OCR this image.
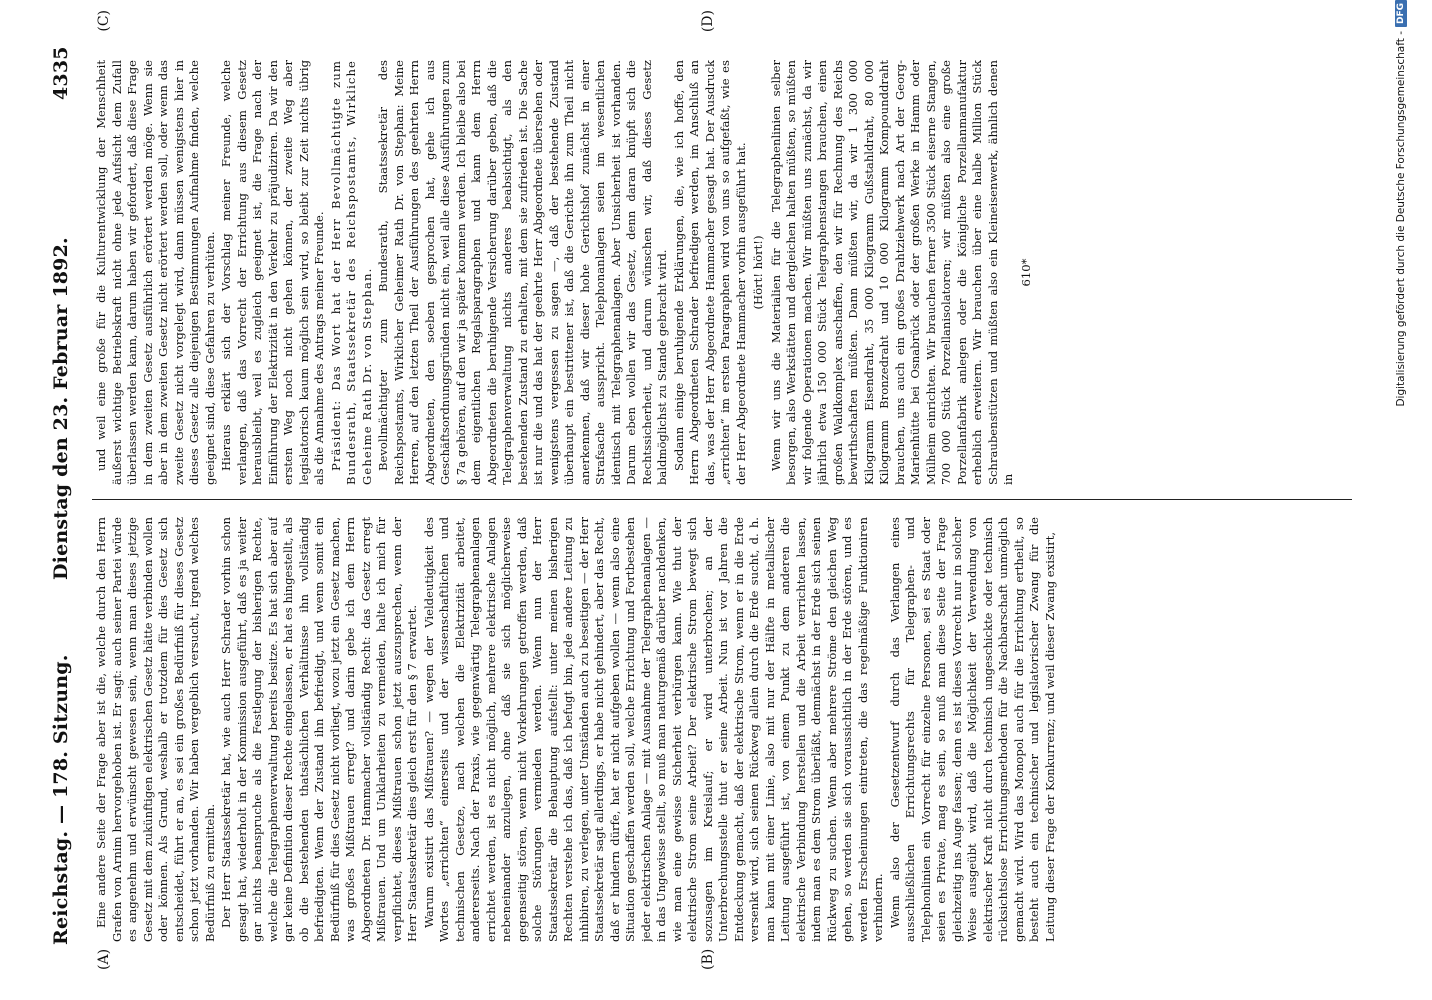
Reichstag. — 178. Sitzung.
Dienstag den 23. Februar 1892.
4335
(A)	(B)
(C)	(D)

Eine andere Seite der Frage aber ist die, welche durch den Herrn Grafen von Arnim hervorgehoben ist. Er sagt: auch seiner Partei würde es angenehm und erwünscht gewesen sein, wenn man dieses jetzige Gesetz mit dem zukünftigen elektrischen Gesetz hätte verbinden wollen oder können. Als Grund, weshalb er trotzdem für dies Gesetz sich entscheidet, führt er an, es sei ein großes Bedürfniß für dieses Gesetz schon jetzt vorhanden. Wir haben vergeblich versucht, irgend welches Bedürfniß zu ermitteln. Der Herr Staatssekretär hat, wie auch Herr Schrader vorhin schon gesagt hat, wiederholt in der Kommission ausgeführt, daß es ja weiter gar nichts beanspruche als die Festlegung der bisherigen Rechte, welche die Telegraphenverwaltung bereits besitze. Es hat sich aber auf gar keine Definition dieser Rechte eingelassen, er hat es hingestellt, als ob die bestehenden thatsächlichen Verhältnisse ihn vollständig befriedigten. Wenn der Zustand ihn befriedigt, und wenn somit ein Bedürfniß für dies Gesetz nicht vorliegt, wozu jetzt ein Gesetz machen, was großes Mißtrauen erregt? und darin gebe ich dem Herrn Abgeordneten Dr. Hammacher vollständig Recht: das Gesetz erregt Mißtrauen. Und um Unklarheiten zu vermeiden, halte ich mich für verpflichtet, dieses Mißtrauen schon jetzt auszusprechen, wenn der Herr Staatssekretär dies gleich erst für den § 7 erwartet. Warum existirt das Mißtrauen? — wegen der Vieldeutigkeit des Wortes „errichten“ einerseits und der wissenschaftlichen und technischen Gesetze, nach welchen die Elektrizität arbeitet, andererseits. Nach der Praxis, wie gegenwärtig Telegraphenanlagen errichtet werden, ist es nicht möglich, mehrere elektrische Anlagen nebeneinander anzulegen, ohne daß sie sich möglicherweise gegenseitig stören, wenn nicht Vorkehrungen getroffen werden, daß solche Störungen vermieden werden. Wenn nun der Herr Staatssekretär die Behauptung aufstellt: unter meinen bisherigen Rechten verstehe ich das, daß ich befugt bin, jede andere Leitung zu inhibiren, zu verlegen, unter Umständen auch zu beseitigen — der Herr Staatssekretär sagt allerdings, er habe nicht gehindert, aber das Recht, daß er hindern dürfe, hat er nicht aufgeben wollen — wenn also eine Situation geschaffen werden soll, welche Errichtung und Fortbestehen jeder elektrischen Anlage — mit Ausnahme der Telegraphenanlagen — in das Ungewisse stellt, so muß man naturgemäß darüber nachdenken, wie man eine gewisse Sicherheit verbürgen kann. Wie thut der elektrische Strom seine Arbeit? Der elektrische Strom bewegt sich sozusagen im Kreislauf; er wird unterbrochen; an der Unterbrechungsstelle thut er seine Arbeit. Nun ist vor Jahren die Entdeckung gemacht, daß der elektrische Strom, wenn er in die Erde versenkt wird, sich seinen Rückweg allein durch die Erde sucht, d. h. man kann mit einer Linie, also mit nur der Hälfte in metallischer Leitung ausgeführt ist, von einem Punkt zu dem anderen die elektrische Verbindung herstellen und die Arbeit verrichten lassen, indem man es dem Strom überläßt, demnächst in der Erde sich seinen Rückweg zu suchen. Wenn aber mehrere Ströme den gleichen Weg gehen, so werden sie sich voraussichtlich in der Erde stören, und es werden Erscheinungen eintreten, die das regelmäßige Funktioniren verhindern. Wenn also der Gesetzentwurf durch das Verlangen eines ausschließlichen Errichtungsrechts für Telegraphen- und Telephonlinien ein Vorrecht für einzelne Personen, sei es Staat oder seien es Private, mag es sein, so muß man diese Seite der Frage gleichzeitig ins Auge fassen; denn es ist dieses Vorrecht nur in solcher Weise ausgeübt wird, daß die Möglichkeit der Verwendung von elektrischer Kraft nicht durch technisch ungeschickte oder technisch rücksichtslose Errichtungsmethoden für die Nachbarschaft unmöglich gemacht wird. Wird das Monopol auch für die Errichtung ertheilt, so besteht auch ein technischer und legislatorischer Zwang für die Leitung dieser Frage der Konkurrenz; und weil dieser Zwang existirt,

und weil eine große für die Kulturentwicklung der Menschheit äußerst wichtige Betriebskraft nicht ohne jede Aufsicht dem Zufall überlassen werden kann, darum haben wir gefordert, daß diese Frage in dem zweiten Gesetz ausführlich erörtert werden möge. Wenn sie aber in dem zweiten Gesetz nicht erörtert werden soll, oder wenn das zweite Gesetz nicht vorgelegt wird, dann müssen wenigstens hier in dieses Gesetz alle diejenigen Bestimmungen Aufnahme finden, welche geeignet sind, diese Gefahren zu verhüten. Hieraus erklärt sich der Vorschlag meiner Freunde, welche verlangen, daß das Vorrecht der Errichtung aus diesem Gesetz herausbleibt, weil es zugleich geeignet ist, die Frage nach der Einführung der Elektrizität in den Verkehr zu präjudiziren. Da wir den ersten Weg noch nicht gehen können, der zweite Weg aber legislatorisch kaum möglich sein wird, so bleibt zur Zeit nichts übrig als die Annahme des Antrags meiner Freunde. Präsident: Das Wort hat der Herr Bevollmächtigte zum Bundesrath, Staatssekretär des Reichspostamts, Wirkliche Geheime Rath Dr. von Stephan. Bevollmächtigter zum Bundesrath, Staatssekretär des Reichspostamts, Wirklicher Geheimer Rath Dr. von Stephan: Meine Herren, auf den letzten Theil der Ausführungen des geehrten Herrn Abgeordneten, den soeben gesprochen hat, gehe ich aus Geschäftsordnungsgründen nicht ein, weil alle diese Ausführungen zum § 7a gehören, auf den wir ja später kommen werden. Ich bleibe also bei dem eigentlichen Regalsparagraphen und kann dem Herrn Abgeordneten die beruhigende Versicherung darüber geben, daß die Telegraphenverwaltung nichts anderes beabsichtigt, als den bestehenden Zustand zu erhalten, mit dem sie zufrieden ist. Die Sache ist nur die und das hat der geehrte Herr Abgeordnete übersehen oder wenigstens vergessen zu sagen —, daß der bestehende Zustand überhaupt ein bestrittener ist, daß die Gerichte ihn zum Theil nicht anerkennen, daß wir dieser hohe Gerichtshof zunächst in einer Strafsache ausspricht. Telephonanlagen seien im wesentlichen identisch mit Telegraphenanlagen. Aber Unsicherheit ist vorhanden. Darum eben wollen wir das Gesetz, denn daran knüpft sich die Rechtssicherheit, und darum wünschen wir, daß dieses Gesetz baldmöglichst zu Stande gebracht wird. Sodann einige beruhigende Erklärungen, die, wie ich hoffe, den Herrn Abgeordneten Schrader befriedigen werden, im Anschluß an das, was der Herr Abgeordnete Hammacher gesagt hat. Der Ausdruck „errichten“ im ersten Paragraphen wird von uns so aufgefaßt, wie es der Herr Abgeordnete Hammacher vorhin ausgeführt hat. (Hört! hört!) Wenn wir uns die Materialien für die Telegraphenlinien selber besorgen, also Werkstätten und dergleichen halten müßten, so müßten wir folgende Operationen machen. Wir müßten uns zunächst, da wir jährlich etwa 150 000 Stück Telegraphenstangen brauchen, einen großen Waldkomplex anschaffen, den wir für Rechnung des Reichs bewirthschaften müßten. Dann müßten wir, da wir 1 300 000 Kilogramm Eisendraht, 35 000 Kilogramm Gußstahldraht, 80 000 Kilogramm Bronzedraht und 10 000 Kilogramm Kompounddraht brauchen, uns auch ein großes Drahtziehwerk nach Art der Georg-Marienhütte bei Osnabrück oder der großen Werke in Hamm oder Mülheim einrichten. Wir brauchen ferner 3500 Stück eiserne Stangen, 700 000 Stück Porzellanisolatoren; wir müßten also eine große Porzellanfabrik anlegen oder die Königliche Porzellanmanufaktur erheblich erweitern. Wir brauchen über eine halbe Million Stück Schraubenstützen und müßten also ein Kleineisenwerk, ähnlich denen in

610*	Digitalisierung gefördert durch die Deutsche Forschungsgemeinschaft -
DFG
